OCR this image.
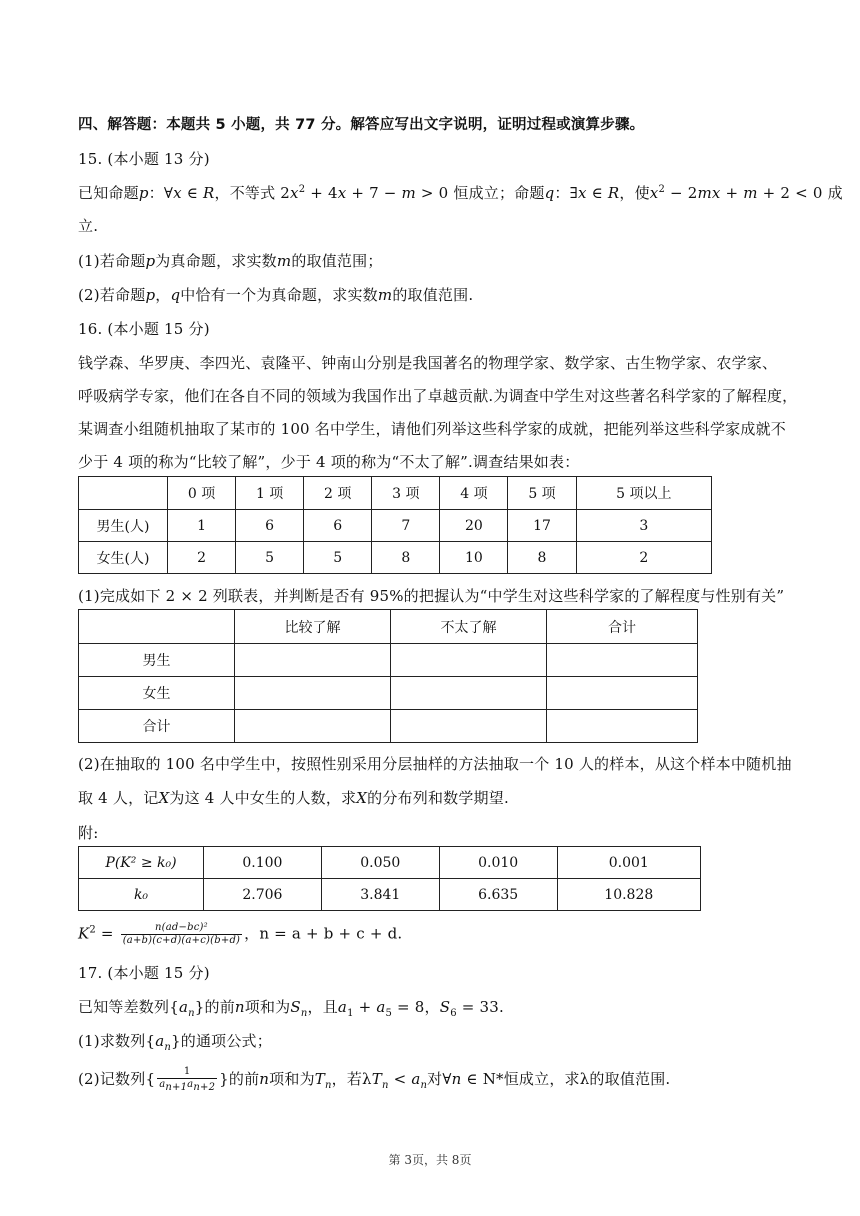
四、解答题：本题共 5 小题，共 77 分。解答应写出文字说明，证明过程或演算步骤。
15. (本小题 13 分)
已知命题p：∀x ∈ R，不等式 $2x^2 + 4x + 7 - m > 0$ 恒成立；命题q：∃x ∈ R，使$x^2 - 2mx + m + 2 < 0$ 成
立.
(1)若命题p为真命题，求实数m的取值范围；
(2)若命题p，q中恰有一个为真命题，求实数m的取值范围.
16. (本小题 15 分)
钱学森、华罗庚、李四光、袁隆平、钟南山分别是我国著名的物理学家、数学家、古生物学家、农学家、
呼吸病学专家，他们在各自不同的领域为我国作出了卓越贡献.为调查中学生对这些著名科学家的了解程度，
某调查小组随机抽取了某市的 100 名中学生，请他们列举这些科学家的成就，把能列举这些科学家成就不
少于 4 项的称为“比较了解”，少于 4 项的称为“不太了解”.调查结果如表：
	0 项	1 项	2 项	3 项	4 项	5 项	5 项以上
男生(人)	1	6	6	7	20	17	3
女生(人)	2	5	5	8	10	8	2
(1)完成如下 2 × 2 列联表，并判断是否有 95%的把握认为“中学生对这些科学家的了解程度与性别有关”
	比较了解	不太了解	合计
男生			
女生			
合计			
(2)在抽取的 100 名中学生中，按照性别采用分层抽样的方法抽取一个 10 人的样本，从这个样本中随机抽
取 4 人，记X为这 4 人中女生的人数，求X的分布列和数学期望.
附:
P(K² ≥ k₀)	0.100	0.050	0.010	0.001
k₀	2.706	3.841	6.635	10.828
$K^2 = \frac{\text{n(ad−bc)²}}{(a+b)(c+d)(a+c)(b+d)}$ ，n = a + b + c + d.
17. (本小题 15 分)
已知等差数列$\{a_n\}$的前n项和为$S_n$，且$a_1 + a_5 = 8$，$S_6 = 33$.
(1)求数列$\{a_n\}$的通项公式；
(2)记数列{ $\frac{1}{a_{n+1}a_{n+2}}$ }的前n项和为$T_n$，若$\lambda T_n < a_n$对∀n ∈ N*恒成立，求λ的取值范围.
第 3页，共 8页
